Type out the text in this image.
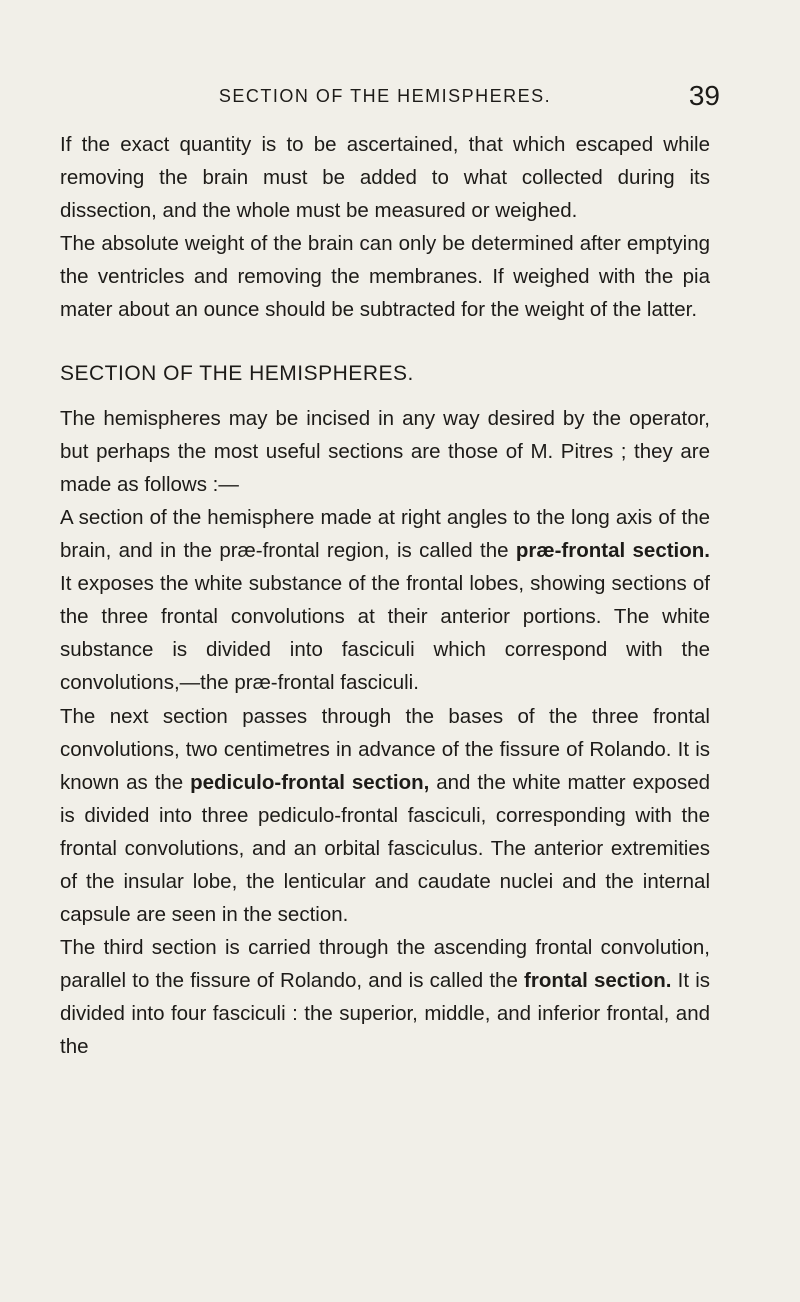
SECTION OF THE HEMISPHERES.	39

If the exact quantity is to be ascertained, that which escaped while removing the brain must be added to what collected during its dissection, and the whole must be measured or weighed.

The absolute weight of the brain can only be determined after emptying the ventricles and removing the membranes. If weighed with the pia mater about an ounce should be subtracted for the weight of the latter.

SECTION OF THE HEMISPHERES.

The hemispheres may be incised in any way desired by the operator, but perhaps the most useful sections are those of M. Pitres ; they are made as follows :—

A section of the hemisphere made at right angles to the long axis of the brain, and in the præ-frontal region, is called the præ-frontal section. It exposes the white substance of the frontal lobes, showing sections of the three frontal convolutions at their anterior portions. The white substance is divided into fasciculi which correspond with the convolutions,—the præ-frontal fasciculi.

The next section passes through the bases of the three frontal convolutions, two centimetres in advance of the fissure of Rolando. It is known as the pediculo-frontal section, and the white matter exposed is divided into three pediculo-frontal fasciculi, corresponding with the frontal convolutions, and an orbital fasciculus. The anterior extremities of the insular lobe, the lenticular and caudate nuclei and the internal capsule are seen in the section.

The third section is carried through the ascending frontal convolution, parallel to the fissure of Rolando, and is called the frontal section. It is divided into four fasciculi : the superior, middle, and inferior frontal, and the
